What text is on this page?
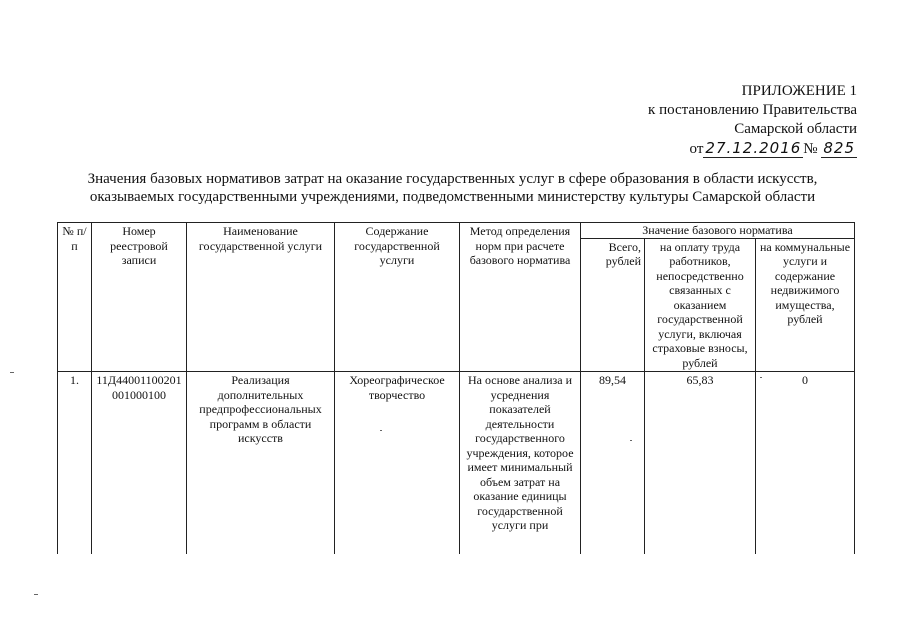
ПРИЛОЖЕНИЕ 1
к постановлению Правительства
Самарской области
от 27.12.2016 № 825
Значения базовых нормативов затрат на оказание государственных услуг в сфере образования в области искусств,
оказываемых государственными учреждениями, подведомственными министерству культуры Самарской области
№ п/п	Номер реестровой записи	Наименование государственной услуги	Содержание государственной услуги	Метод определения норм при расчете базового норматива	Значение базового норматива		
					Всего, рублей	на оплату труда работников, непосредственно связанных с оказанием государственной услуги, включая страховые взносы, рублей	на коммунальные услуги и содержание недвижимого имущества, рублей
1.	11Д44001100201001000100	Реализация дополнительных предпрофессиональных программ в области искусств	Хореографическое творчество	На основе анализа и усреднения показателей деятельности государственного учреждения, которое имеет минимальный объем затрат на оказание единицы государственной услуги при	89,54	65,83	0
